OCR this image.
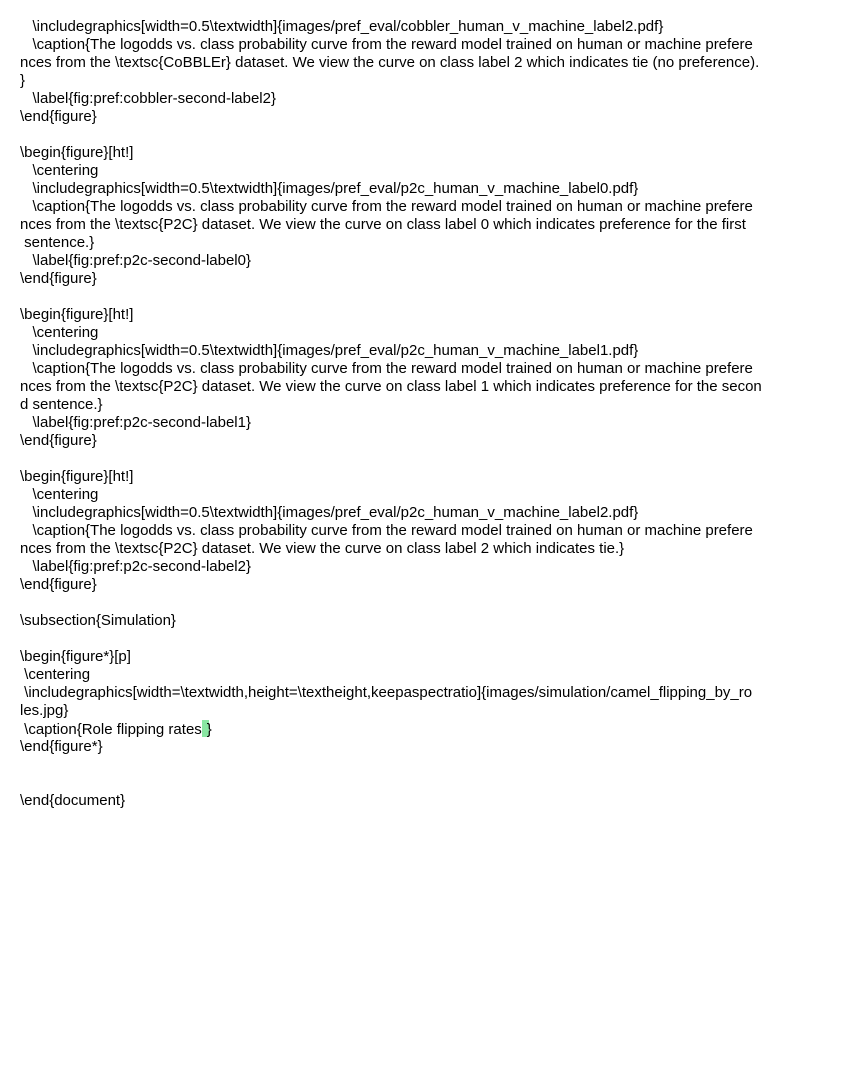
\includegraphics[width=0.5\textwidth]{images/pref_eval/cobbler_human_v_machine_label2.pdf}
\caption{The logodds vs. class probability curve from the reward model trained on human or machine prefere
nces from the \textsc{CoBBLEr} dataset. We view the curve on class label 2 which indicates tie (no preference).
}
\label{fig:pref:cobbler-second-label2}
\end{figure}
\begin{figure}[ht!]
\centering
\includegraphics[width=0.5\textwidth]{images/pref_eval/p2c_human_v_machine_label0.pdf}
\caption{The logodds vs. class probability curve from the reward model trained on human or machine prefere
nces from the \textsc{P2C} dataset. We view the curve on class label 0 which indicates preference for the first
sentence.}
\label{fig:pref:p2c-second-label0}
\end{figure}
\begin{figure}[ht!]
\centering
\includegraphics[width=0.5\textwidth]{images/pref_eval/p2c_human_v_machine_label1.pdf}
\caption{The logodds vs. class probability curve from the reward model trained on human or machine prefere
nces from the \textsc{P2C} dataset. We view the curve on class label 1 which indicates preference for the secon
d sentence.}
\label{fig:pref:p2c-second-label1}
\end{figure}
\begin{figure}[ht!]
\centering
\includegraphics[width=0.5\textwidth]{images/pref_eval/p2c_human_v_machine_label2.pdf}
\caption{The logodds vs. class probability curve from the reward model trained on human or machine prefere
nces from the \textsc{P2C} dataset. We view the curve on class label 2 which indicates tie.}
\label{fig:pref:p2c-second-label2}
\end{figure}
\subsection{Simulation}
\begin{figure*}[p]
\centering
\includegraphics[width=\textwidth,height=\textheight,keepaspectratio]{images/simulation/camel_flipping_by_ro
les.jpg}
\caption{Role flipping rates }
\end{figure*}
\end{document}
